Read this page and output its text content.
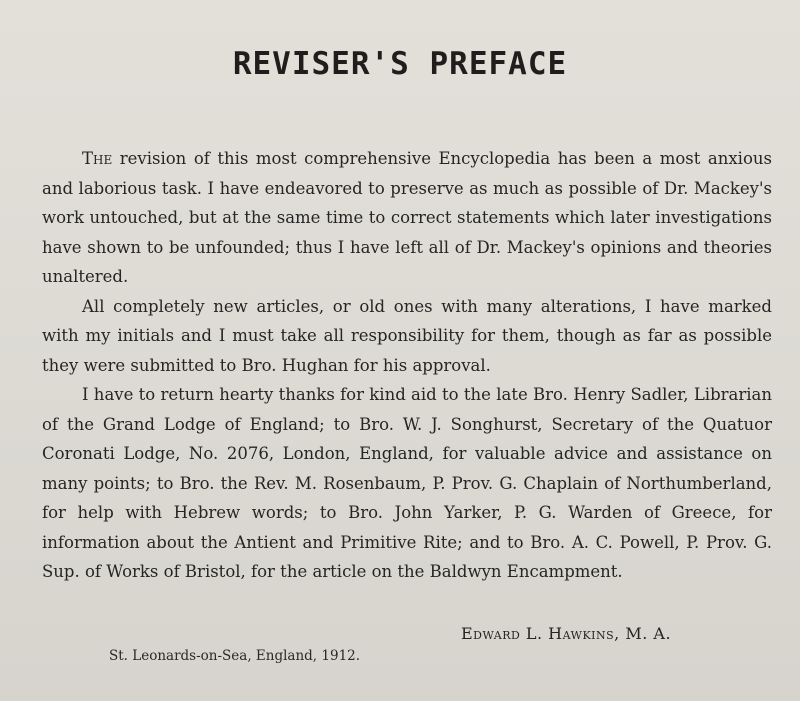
REVISER'S PREFACE

The revision of this most comprehensive Encyclopedia has been a most anxious and laborious task. I have endeavored to preserve as much as possible of Dr. Mackey's work untouched, but at the same time to correct statements which later investigations have shown to be unfounded; thus I have left all of Dr. Mackey's opinions and theories unaltered.

All completely new articles, or old ones with many alterations, I have marked with my initials and I must take all responsibility for them, though as far as possible they were submitted to Bro. Hughan for his approval.

I have to return hearty thanks for kind aid to the late Bro. Henry Sadler, Librarian of the Grand Lodge of England; to Bro. W. J. Songhurst, Secretary of the Quatuor Coronati Lodge, No. 2076, London, England, for valuable advice and assistance on many points; to Bro. the Rev. M. Rosenbaum, P. Prov. G. Chaplain of Northumberland, for help with Hebrew words; to Bro. John Yarker, P. G. Warden of Greece, for information about the Antient and Primitive Rite; and to Bro. A. C. Powell, P. Prov. G. Sup. of Works of Bristol, for the article on the Baldwyn Encampment.

Edward L. Hawkins, M. A.
St. Leonards-on-Sea, England, 1912.
